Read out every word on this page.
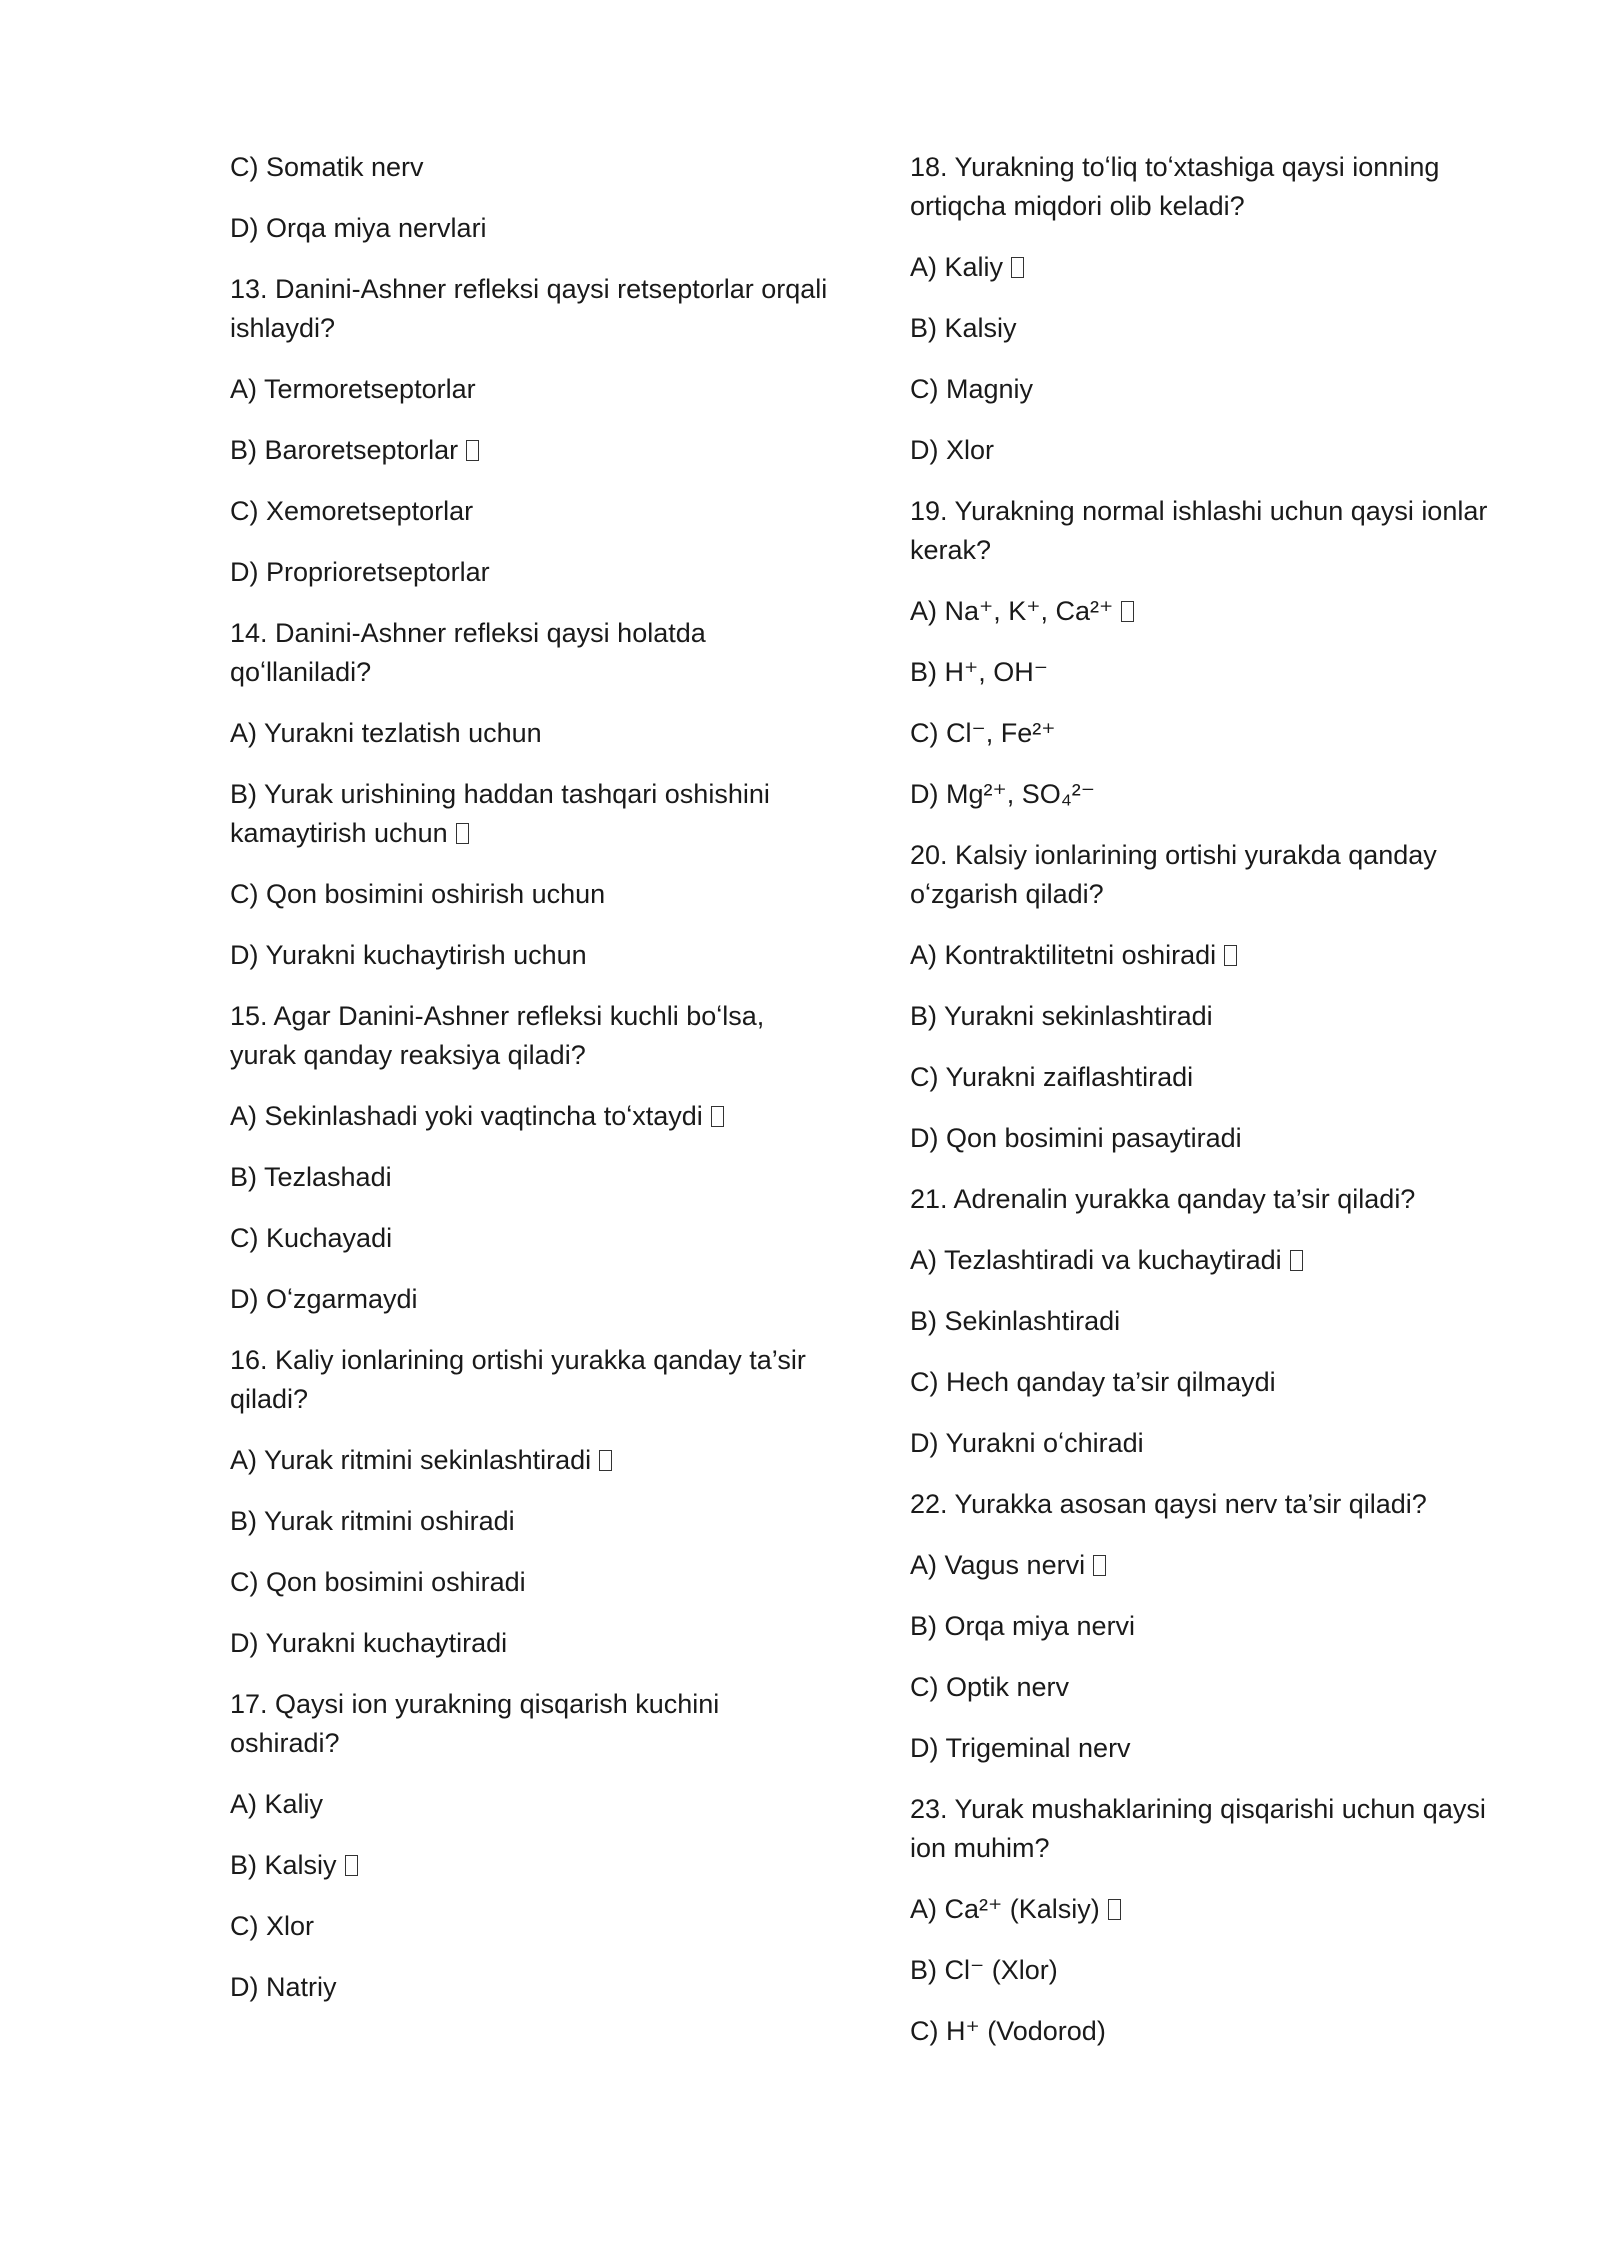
C) Somatik nerv
D) Orqa miya nervlari
13. Danini-Ashner refleksi qaysi retseptorlar orqali ishlaydi?
A) Termoretseptorlar
B) Baroretseptorlar
C) Xemoretseptorlar
D) Proprioretseptorlar
14. Danini-Ashner refleksi qaysi holatda qoʻllaniladi?
A) Yurakni tezlatish uchun
B) Yurak urishining haddan tashqari oshishini kamaytirish uchun
C) Qon bosimini oshirish uchun
D) Yurakni kuchaytirish uchun
15. Agar Danini-Ashner refleksi kuchli boʻlsa, yurak qanday reaksiya qiladi?
A) Sekinlashadi yoki vaqtincha toʻxtaydi
B) Tezlashadi
C) Kuchayadi
D) Oʻzgarmaydi
16. Kaliy ionlarining ortishi yurakka qanday ta’sir qiladi?
A) Yurak ritmini sekinlashtiradi
B) Yurak ritmini oshiradi
C) Qon bosimini oshiradi
D) Yurakni kuchaytiradi
17. Qaysi ion yurakning qisqarish kuchini oshiradi?
A) Kaliy
B) Kalsiy
C) Xlor
D) Natriy
18. Yurakning toʻliq toʻxtashiga qaysi ionning ortiqcha miqdori olib keladi?
A) Kaliy
B) Kalsiy
C) Magniy
D) Xlor
19. Yurakning normal ishlashi uchun qaysi ionlar kerak?
A) Na⁺, K⁺, Ca²⁺
B) H⁺, OH⁻
C) Cl⁻, Fe²⁺
D) Mg²⁺, SO₄²⁻
20. Kalsiy ionlarining ortishi yurakda qanday oʻzgarish qiladi?
A) Kontraktilitetni oshiradi
B) Yurakni sekinlashtiradi
C) Yurakni zaiflashtiradi
D) Qon bosimini pasaytiradi
21. Adrenalin yurakka qanday ta’sir qiladi?
A) Tezlashtiradi va kuchaytiradi
B) Sekinlashtiradi
C) Hech qanday ta’sir qilmaydi
D) Yurakni oʻchiradi
22. Yurakka asosan qaysi nerv ta’sir qiladi?
A) Vagus nervi
B) Orqa miya nervi
C) Optik nerv
D) Trigeminal nerv
23. Yurak mushaklarining qisqarishi uchun qaysi ion muhim?
A) Ca²⁺ (Kalsiy)
B) Cl⁻ (Xlor)
C) H⁺ (Vodorod)
